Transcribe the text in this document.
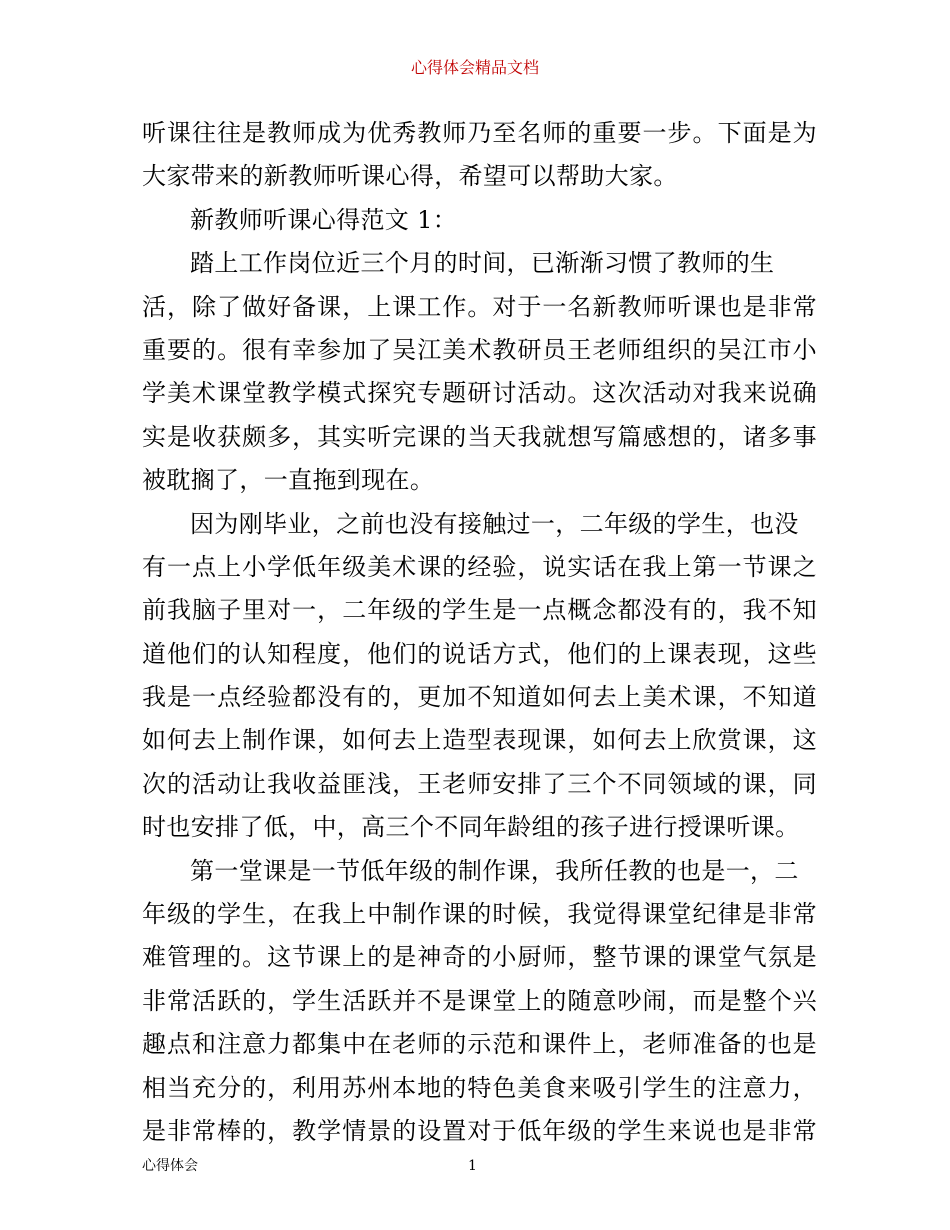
心得体会精品文档
听课往往是教师成为优秀教师乃至名师的重要一步。下面是为
大家带来的新教师听课心得，希望可以帮助大家。
新教师听课心得范文 1：
踏上工作岗位近三个月的时间，已渐渐习惯了教师的生
活，除了做好备课，上课工作。对于一名新教师听课也是非常
重要的。很有幸参加了吴江美术教研员王老师组织的吴江市小
学美术课堂教学模式探究专题研讨活动。这次活动对我来说确
实是收获颇多，其实听完课的当天我就想写篇感想的，诸多事
被耽搁了，一直拖到现在。
因为刚毕业，之前也没有接触过一，二年级的学生，也没
有一点上小学低年级美术课的经验，说实话在我上第一节课之
前我脑子里对一，二年级的学生是一点概念都没有的，我不知
道他们的认知程度，他们的说话方式，他们的上课表现，这些
我是一点经验都没有的，更加不知道如何去上美术课，不知道
如何去上制作课，如何去上造型表现课，如何去上欣赏课，这
次的活动让我收益匪浅，王老师安排了三个不同领域的课，同
时也安排了低，中，高三个不同年龄组的孩子进行授课听课。
第一堂课是一节低年级的制作课，我所任教的也是一，二
年级的学生，在我上中制作课的时候，我觉得课堂纪律是非常
难管理的。这节课上的是神奇的小厨师，整节课的课堂气氛是
非常活跃的，学生活跃并不是课堂上的随意吵闹，而是整个兴
趣点和注意力都集中在老师的示范和课件上，老师准备的也是
相当充分的，利用苏州本地的特色美食来吸引学生的注意力，
是非常棒的，教学情景的设置对于低年级的学生来说也是非常
心得体会	1
